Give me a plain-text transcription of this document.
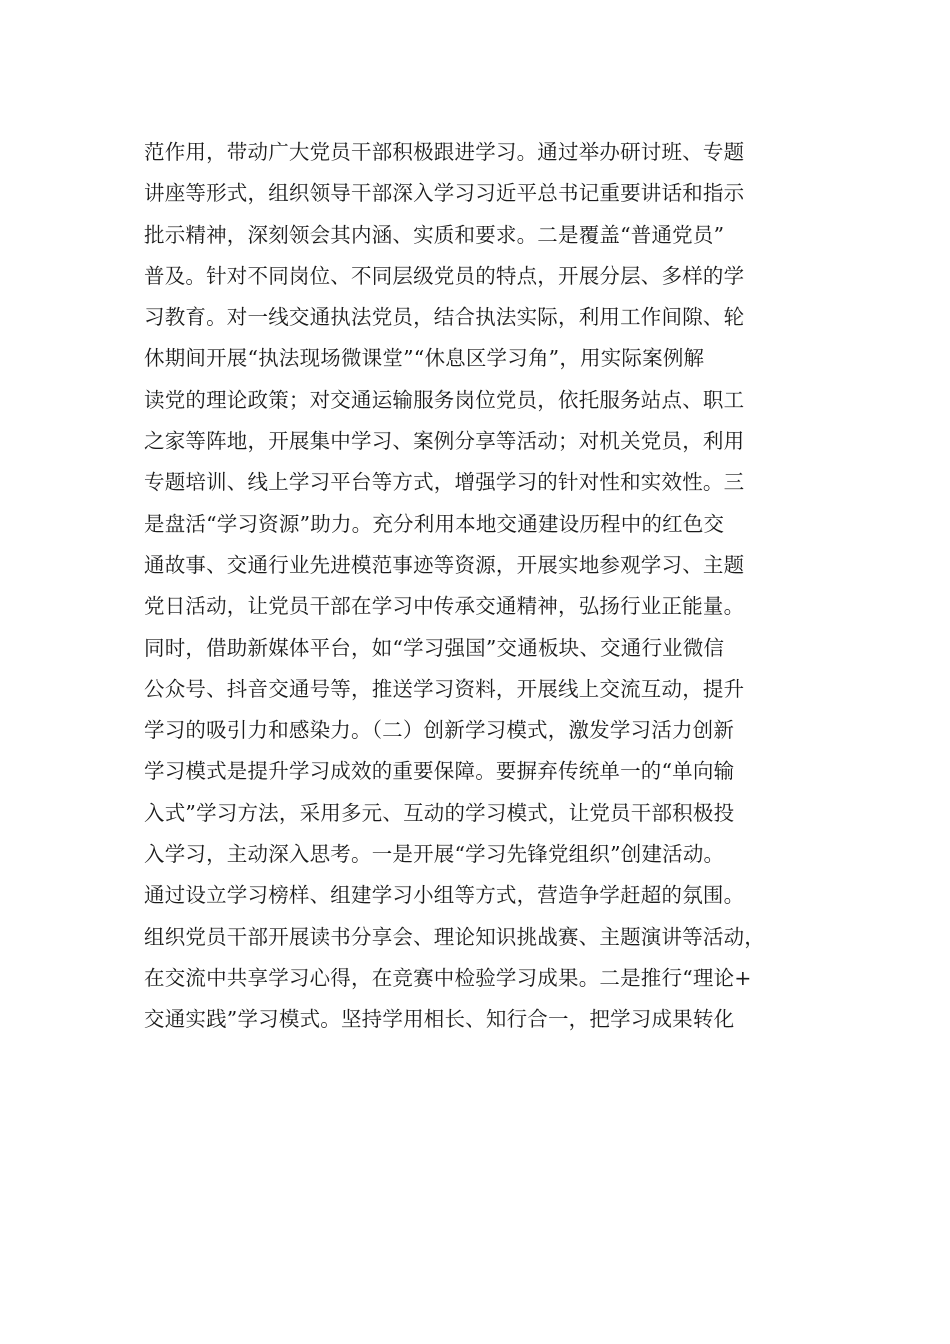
范作用，带动广大党员干部积极跟进学习。通过举办研讨班、专题
讲座等形式，组织领导干部深入学习习近平总书记重要讲话和指示
批示精神，深刻领会其内涵、实质和要求。二是覆盖“普通党员”
普及。针对不同岗位、不同层级党员的特点，开展分层、多样的学
习教育。对一线交通执法党员，结合执法实际，利用工作间隙、轮
休期间开展“执法现场微课堂”“休息区学习角”，用实际案例解
读党的理论政策；对交通运输服务岗位党员，依托服务站点、职工
之家等阵地，开展集中学习、案例分享等活动；对机关党员，利用
专题培训、线上学习平台等方式，增强学习的针对性和实效性。三
是盘活“学习资源”助力。充分利用本地交通建设历程中的红色交
通故事、交通行业先进模范事迹等资源，开展实地参观学习、主题
党日活动，让党员干部在学习中传承交通精神，弘扬行业正能量。
同时，借助新媒体平台，如“学习强国”交通板块、交通行业微信
公众号、抖音交通号等，推送学习资料，开展线上交流互动，提升
学习的吸引力和感染力。（二）创新学习模式，激发学习活力创新
学习模式是提升学习成效的重要保障。要摒弃传统单一的“单向输
入式”学习方法，采用多元、互动的学习模式，让党员干部积极投
入学习，主动深入思考。一是开展“学习先锋党组织”创建活动。
通过设立学习榜样、组建学习小组等方式，营造争学赶超的氛围。
组织党员干部开展读书分享会、理论知识挑战赛、主题演讲等活动，
在交流中共享学习心得，在竞赛中检验学习成果。二是推行“理论+
交通实践”学习模式。坚持学用相长、知行合一，把学习成果转化
